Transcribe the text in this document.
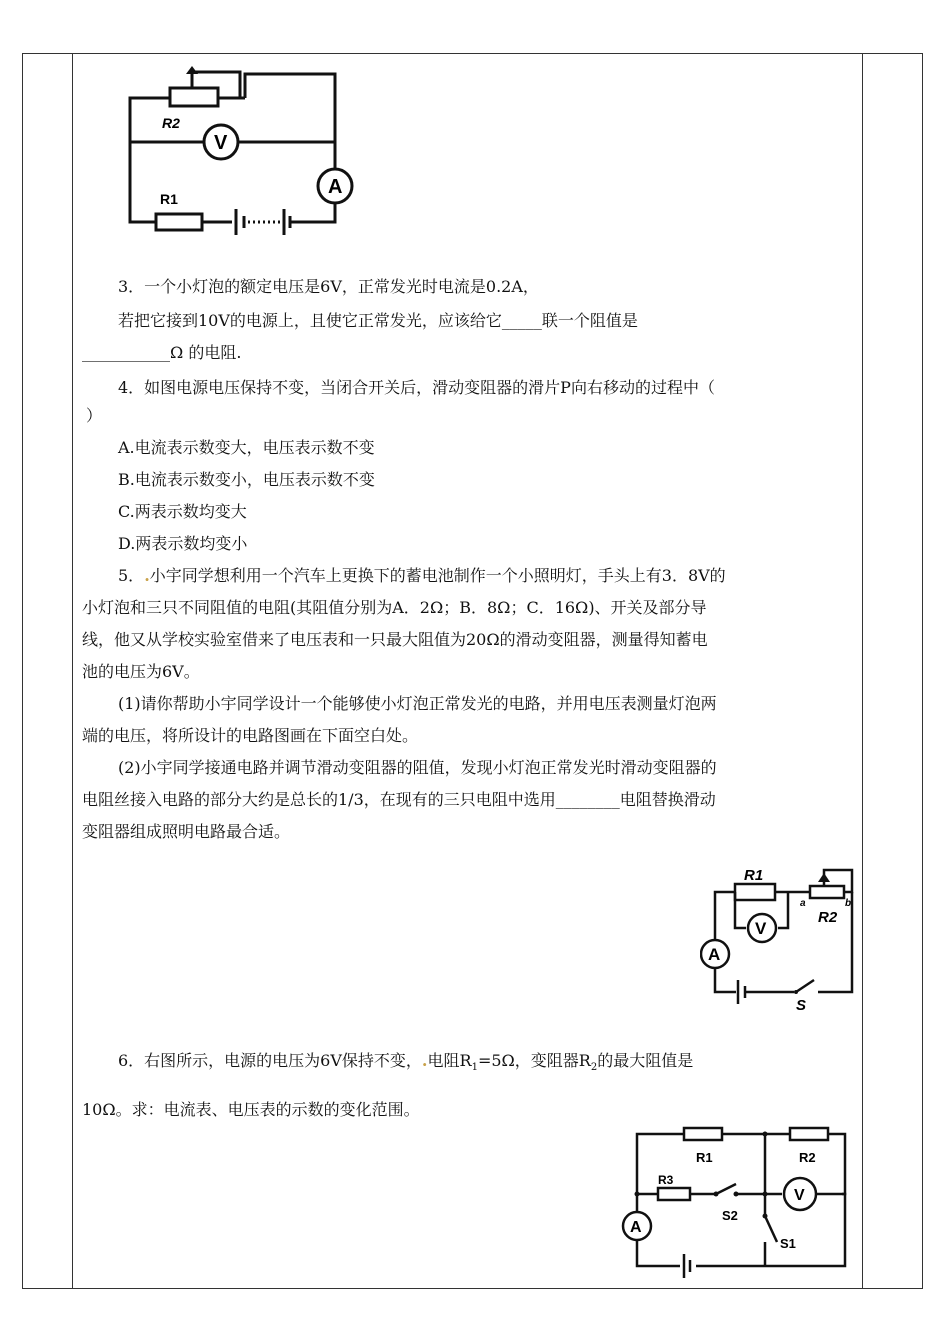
R2
V
A
R1
3．一个小灯泡的额定电压是6V，正常发光时电流是0.2A，
若把它接到10V的电源上，且使它正常发光，应该给它_____联一个阻值是
___________Ω 的电阻.
4．如图电源电压保持不变，当闭合开关后，滑动变阻器的滑片P向右移动的过程中（
）
A.电流表示数变大，电压表示数不变
B.电流表示数变小，电压表示数不变
C.两表示数均变大
D.两表示数均变小
5．.小宇同学想利用一个汽车上更换下的蓄电池制作一个小照明灯，手头上有3．8V的
小灯泡和三只不同阻值的电阻(其阻值分别为A．2Ω；B．8Ω；C．16Ω)、开关及部分导
线，他又从学校实验室借来了电压表和一只最大阻值为20Ω的滑动变阻器，测量得知蓄电
池的电压为6V。
(1)请你帮助小宇同学设计一个能够使小灯泡正常发光的电路，并用电压表测量灯泡两
端的电压，将所设计的电路图画在下面空白处。
(2)小宇同学接通电路并调节滑动变阻器的阻值，发现小灯泡正常发光时滑动变阻器的
电阻丝接入电路的部分大约是总长的1/3，在现有的三只电阻中选用________电阻替换滑动
变阻器组成照明电路最合适。
R1
a	b
R2
V
A
S
6．右图所示，电源的电压为6V保持不变，.电阻$R_1=5\Omega$，变阻器$R_2$的最大阻值是
10Ω。求：电流表、电压表的示数的变化范围。
R1	R2
R3
V
A
S2
S1
